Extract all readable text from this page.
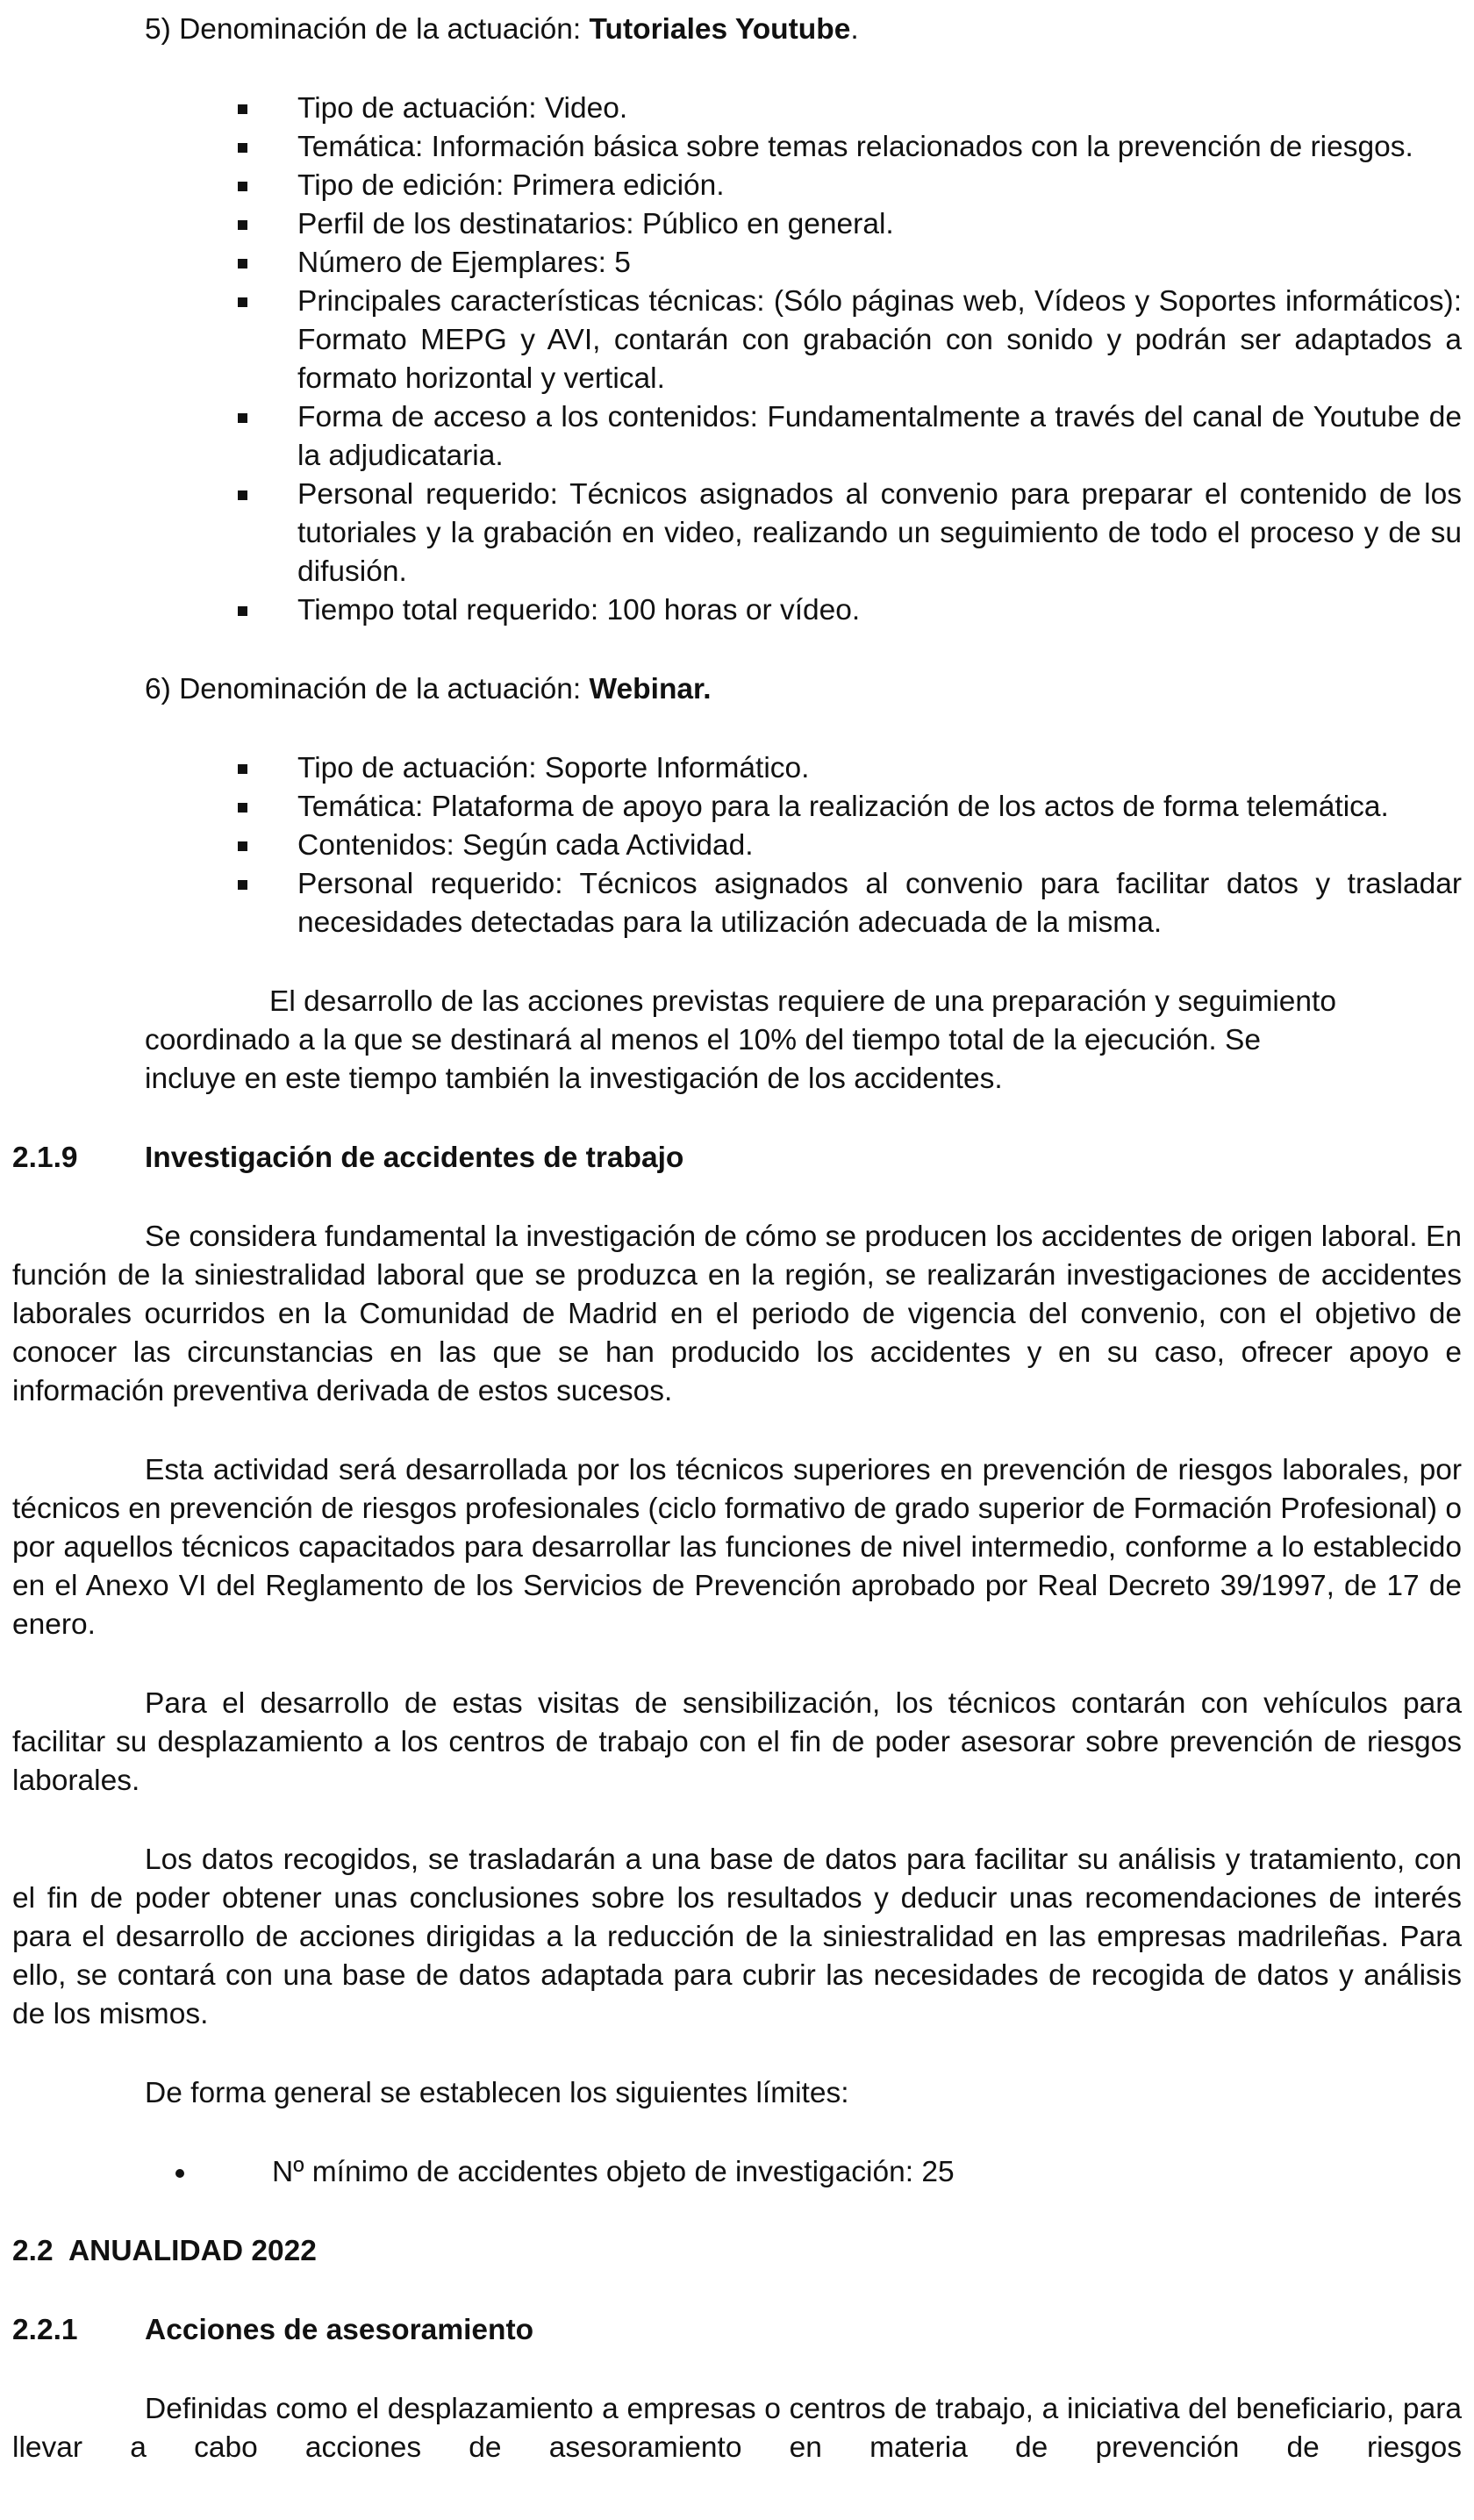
5) Denominación de la actuación: Tutoriales Youtube.

Tipo de actuación: Video.
Temática: Información básica sobre temas relacionados con la prevención de riesgos.
Tipo de edición: Primera edición.
Perfil de los destinatarios: Público en general.
Número de Ejemplares: 5
Principales características técnicas: (Sólo páginas web, Vídeos y Soportes informáticos): Formato MEPG y AVI, contarán con grabación con sonido y podrán ser adaptados a formato horizontal y vertical.
Forma de acceso a los contenidos: Fundamentalmente a través del canal de Youtube de la adjudicataria.
Personal requerido: Técnicos asignados al convenio para preparar el contenido de los tutoriales y la grabación en video, realizando un seguimiento de todo el proceso y de su difusión.
Tiempo total requerido: 100 horas or vídeo.

6) Denominación de la actuación: Webinar.

Tipo de actuación: Soporte Informático.
Temática: Plataforma de apoyo para la realización de los actos de forma telemática.
Contenidos: Según cada Actividad.
Personal requerido: Técnicos asignados al convenio para facilitar datos y trasladar necesidades detectadas para la utilización adecuada de la misma.

El desarrollo de las acciones previstas requiere de una preparación y seguimiento

coordinado a la que se destinará al menos el 10% del tiempo total de la ejecución. Se

incluye en este tiempo también la investigación de los accidentes.

2.1.9	Investigación de accidentes de trabajo

Se considera fundamental la investigación de cómo se producen los accidentes de origen laboral. En función de la siniestralidad laboral que se produzca en la región, se realizarán investigaciones de accidentes laborales ocurridos en la Comunidad de Madrid en el periodo de vigencia del convenio, con el objetivo de conocer las circunstancias en las que se han producido los accidentes y en su caso, ofrecer apoyo e información preventiva derivada de estos sucesos.

Esta actividad será desarrollada por los técnicos superiores en prevención de riesgos laborales, por técnicos en prevención de riesgos profesionales (ciclo formativo de grado superior de Formación Profesional) o por aquellos técnicos capacitados para desarrollar las funciones de nivel intermedio, conforme a lo establecido en el Anexo VI del Reglamento de los Servicios de Prevención aprobado por Real Decreto 39/1997, de 17 de enero.

Para el desarrollo de estas visitas de sensibilización, los técnicos contarán con vehículos para facilitar su desplazamiento a los centros de trabajo con el fin de poder asesorar sobre prevención de riesgos laborales.

Los datos recogidos, se trasladarán a una base de datos para facilitar su análisis y tratamiento, con el fin de poder obtener unas conclusiones sobre los resultados y deducir unas recomendaciones de interés para el desarrollo de acciones dirigidas a la reducción de la siniestralidad en las empresas madrileñas. Para ello, se contará con una base de datos adaptada para cubrir las necesidades de recogida de datos y análisis de los mismos.

De forma general se establecen los siguientes límites:

Nº mínimo de accidentes objeto de investigación: 25

2.2  ANUALIDAD 2022

2.2.1	Acciones de asesoramiento

Definidas como el desplazamiento a empresas o centros de trabajo, a iniciativa del beneficiario, para llevar a cabo acciones de asesoramiento en materia de prevención de riesgos
